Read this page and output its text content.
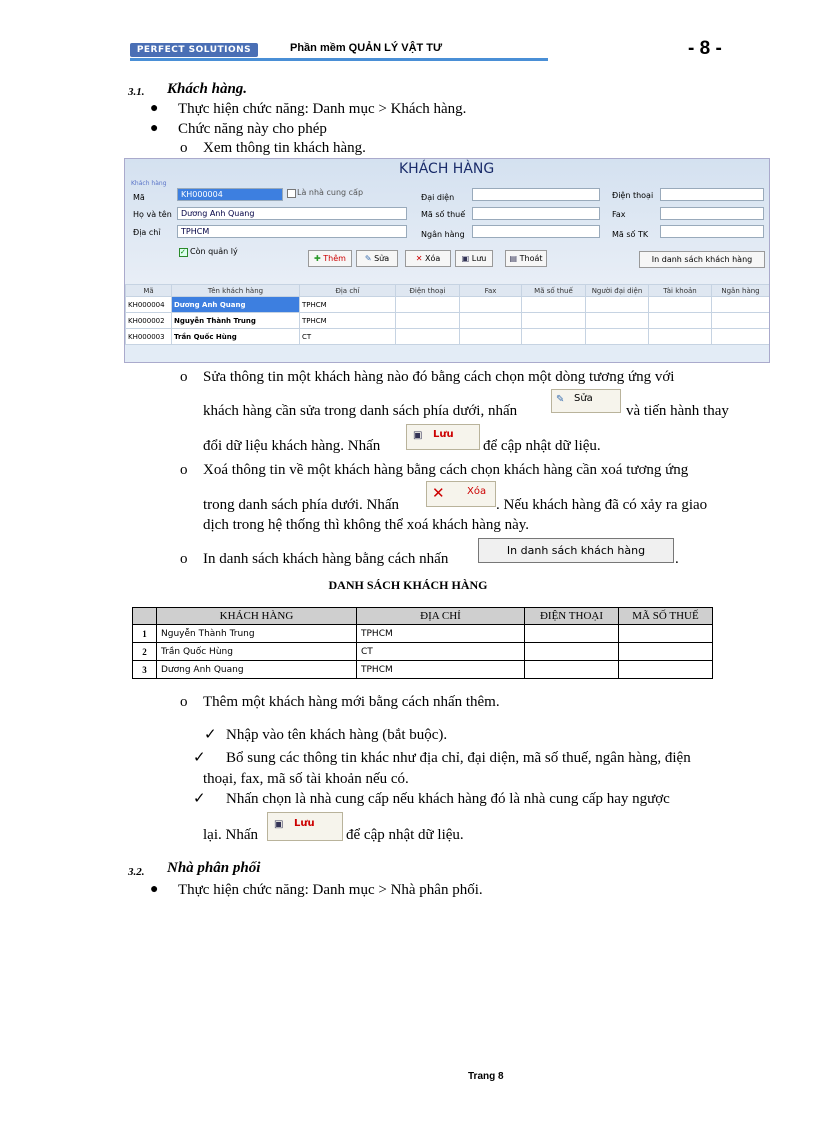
PERFECT SOLUTIONS	Phần mềm QUẢN LÝ VẬT TƯ	- 8 -
3.1. Khách hàng.
● Thực hiện chức năng: Danh mục > Khách hàng.
● Chức năng này cho phép
o Xem thông tin khách hàng.
KHÁCH HÀNG
Khách hàng
Mã	KH000004	Là nhà cung cấp
Họ và tên	Dương Anh Quang
Địa chỉ	TPHCM
✓ Còn quản lý
Đại diện
Mã số thuế
Ngân hàng
Điện thoại
Fax
Mã số TK
✚ Thêm	✎ Sửa	✕ Xóa	▣ Lưu	▤ Thoát	In danh sách khách hàng
Mã	Tên khách hàng	Địa chỉ	Điện thoại	Fax	Mã số thuế	Người đại diện	Tài khoản	Ngân hàng
KH000004	Dương Anh Quang	TPHCM						
KH000002	Nguyễn Thành Trung	TPHCM						
KH000003	Trần Quốc Hùng	CT						
o Sửa thông tin một khách hàng nào đó bằng cách chọn một dòng tương ứng với
khách hàng cần sửa trong danh sách phía dưới, nhấn
✎ Sửa
và tiến hành thay
đổi dữ liệu khách hàng. Nhấn
▣ Lưu
để cập nhật dữ liệu.
o Xoá thông tin về một khách hàng bằng cách chọn khách hàng cần xoá tương ứng
trong danh sách phía dưới. Nhấn
✕ Xóa
. Nếu khách hàng đã có xảy ra giao
dịch trong hệ thống thì không thể xoá khách hàng này.
o In danh sách khách hàng bằng cách nhấn
In danh sách khách hàng
.
DANH SÁCH KHÁCH HÀNG
	KHÁCH HÀNG	ĐỊA CHỈ	ĐIỆN THOẠI	MÃ SỐ THUẾ
1	Nguyễn Thành Trung	TPHCM		
2	Trần Quốc Hùng	CT		
3	Dương Anh Quang	TPHCM		
o Thêm một khách hàng mới bằng cách nhấn thêm.
✓ Nhập vào tên khách hàng (bắt buộc).
✓ Bổ sung các thông tin khác như địa chỉ, đại diện, mã số thuế, ngân hàng, điện
thoại, fax, mã số tài khoản nếu có.
✓ Nhấn chọn là nhà cung cấp nếu khách hàng đó là nhà cung cấp hay ngược
lại. Nhấn
▣ Lưu
để cập nhật dữ liệu.
3.2. Nhà phân phối
● Thực hiện chức năng: Danh mục > Nhà phân phối.
Trang 8
